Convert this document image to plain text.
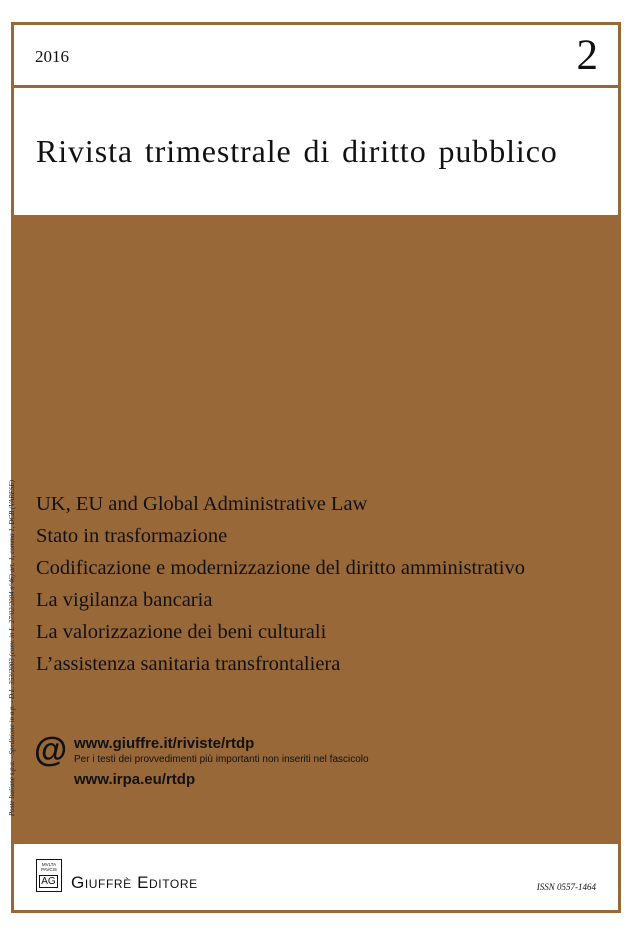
2016	2
Rivista trimestrale di diritto pubblico
Poste Italiane s.p.a. - Spedizione in a.p. - D.L. 353/2003 (conv. in L. 27/02/2004 n°46) art. 1, comma 1, DCB (VARESE) UK, EU and Global Administrative Law
Stato in trasformazione
Codificazione e modernizzazione del diritto amministrativo
La vigilanza bancaria
La valorizzazione dei beni culturali
L’assistenza sanitaria transfrontaliera
@ www.giuffre.it/riviste/rtdp
Per i testi dei provvedimenti più importanti non inseriti nel fascicolo
www.irpa.eu/rtdp
MVLTA
PAVCIS
AG Giuffrè Editore	ISSN 0557-1464
